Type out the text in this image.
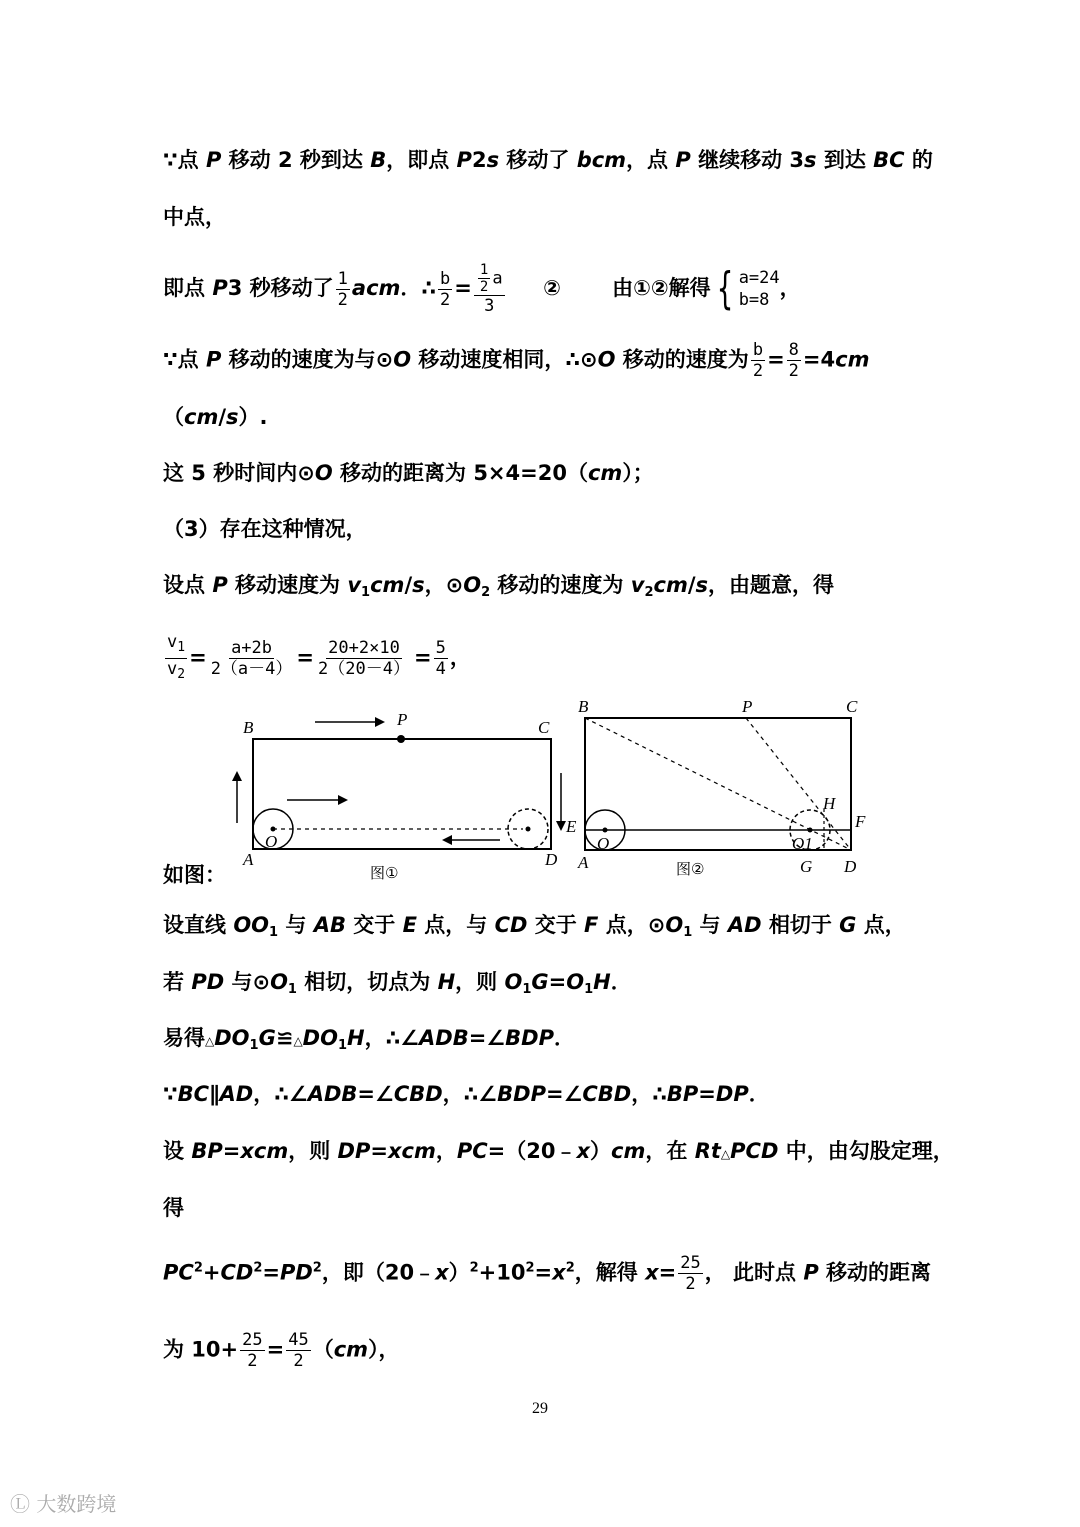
∵点 P 移动 2 秒到达 B，即点 P2s 移动了 bcm，点 P 继续移动 3s 到达 BC 的
中点，
即点 P3 秒移动了 $\frac{1}{2}$ acm．∴ $\frac{b}{2} = \frac{\frac{1}{2} a}{3}$ ② 由①②解得 { a=24
b=8 ，
∵点 P 移动的速度为与⊙O 移动速度相同，∴⊙O 移动的速度为 $\frac{b}{2} = \frac{8}{2} =4cm$
（cm/s）.
这 5 秒时间内⊙O 移动的距离为 5×4=20（cm）；
（3）存在这种情况，
设点 P 移动速度为 $v_1cm/s$，$⊙O_2$ 移动的速度为 $v_2cm/s$，由题意，得
$\frac{v_1}{v_2} = \frac{a+2b}{2(a-4)} = \frac{20+2\times 10}{2(20-4)} = \frac{5}{4}$ ，
B	C
P
A	D
O
图①
B	C
P
E	F
H
A	G D
O	O1
图②
如图：
设直线 $OO_1$ 与 AB 交于 E 点，与 CD 交于 F 点，$⊙O_1$ 与 AD 相切于 G 点，
若 PD 与$⊙O_1$ 相切，切点为 H，则 $O_1G=O_1H$．
易得$\triangle DO_1G≌\triangle DO_1H$，∴∠ADB=∠BDP．
∵BC∥AD，∴∠ADB=∠CBD，∴∠BDP=∠CBD，∴BP=DP．
设 BP=xcm，则 DP=xcm，PC=（20﹣x）cm，在 Rt△PCD 中，由勾股定理，
得
$PC^2+CD^2=PD^2$，即$(20﹣x)^2+10^2=x^2$，解得 $x= \frac{25}{2}$ ， 此时点 P 移动的距离
为 $10+ \frac{25}{2} = \frac{45}{2} (cm)$，
29
Ⓛ 大数跨境
